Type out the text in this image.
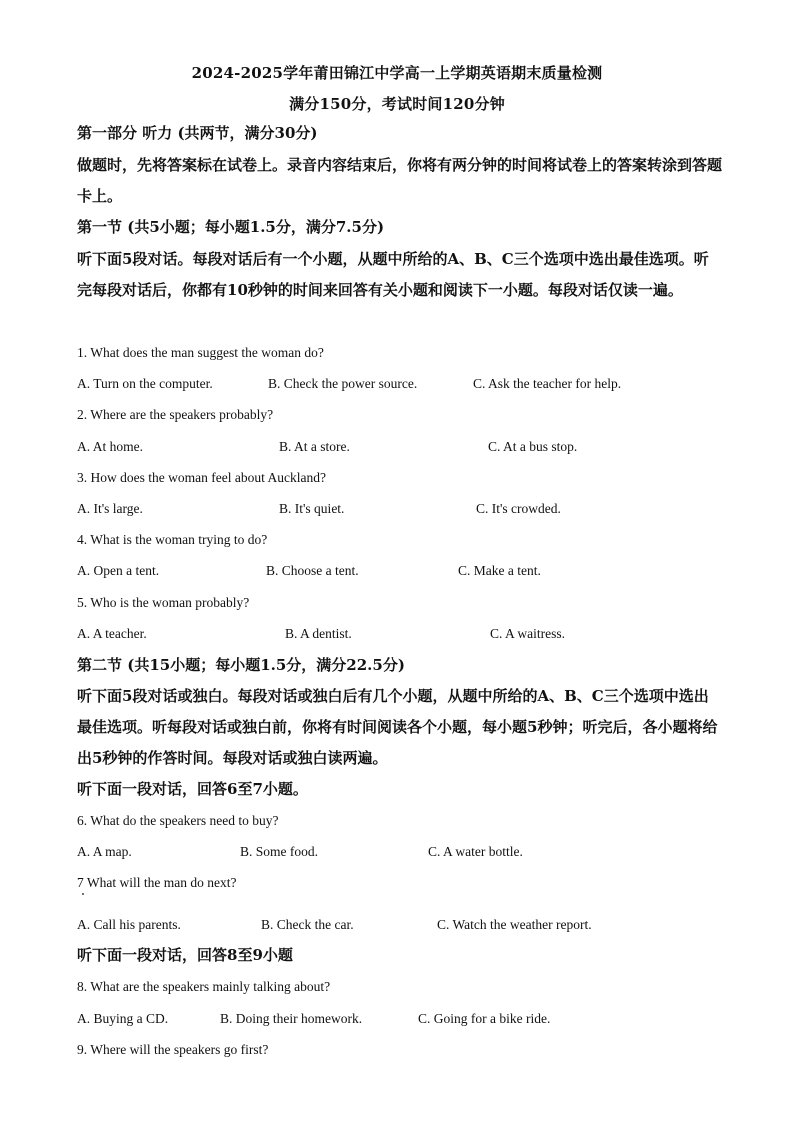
2024-2025学年莆田锦江中学高一上学期英语期末质量检测
满分150分，考试时间120分钟
第一部分 听力 (共两节，满分30分)
做题时，先将答案标在试卷上。录音内容结束后，你将有两分钟的时间将试卷上的答案转涂到答题卡上。
第一节 (共5小题；每小题1.5分，满分7.5分)
听下面5段对话。每段对话后有一个小题，从题中所给的A、B、C三个选项中选出最佳选项。听完每段对话后，你都有10秒钟的时间来回答有关小题和阅读下一小题。每段对话仅读一遍。
1. What does the man suggest the woman do?
A. Turn on the computer.	B. Check the power source.	C. Ask the teacher for help.
2. Where are the speakers probably?
A. At home.	B. At a store.	C. At a bus stop.
3. How does the woman feel about Auckland?
A. It's large.	B. It's quiet.	C. It's crowded.
4. What is the woman trying to do?
A. Open a tent.	B. Choose a tent.	C. Make a tent.
5. Who is the woman probably?
A. A teacher.	B. A dentist.	C. A waitress.
第二节 (共15小题；每小题1.5分，满分22.5分)
听下面5段对话或独白。每段对话或独白后有几个小题，从题中所给的A、B、C三个选项中选出最佳选项。听每段对话或独白前，你将有时间阅读各个小题，每小题5秒钟；听完后，各小题将给出5秒钟的作答时间。每段对话或独白读两遍。
听下面一段对话，回答6至7小题。
6. What do the speakers need to buy?
A. A map.	B. Some food.	C. A water bottle.
7 What will the man do next?
A. Call his parents.	B. Check the car.	C. Watch the weather report.
听下面一段对话，回答8至9小题
8. What are the speakers mainly talking about?
A. Buying a CD.	B. Doing their homework.	C. Going for a bike ride.
9. Where will the speakers go first?
